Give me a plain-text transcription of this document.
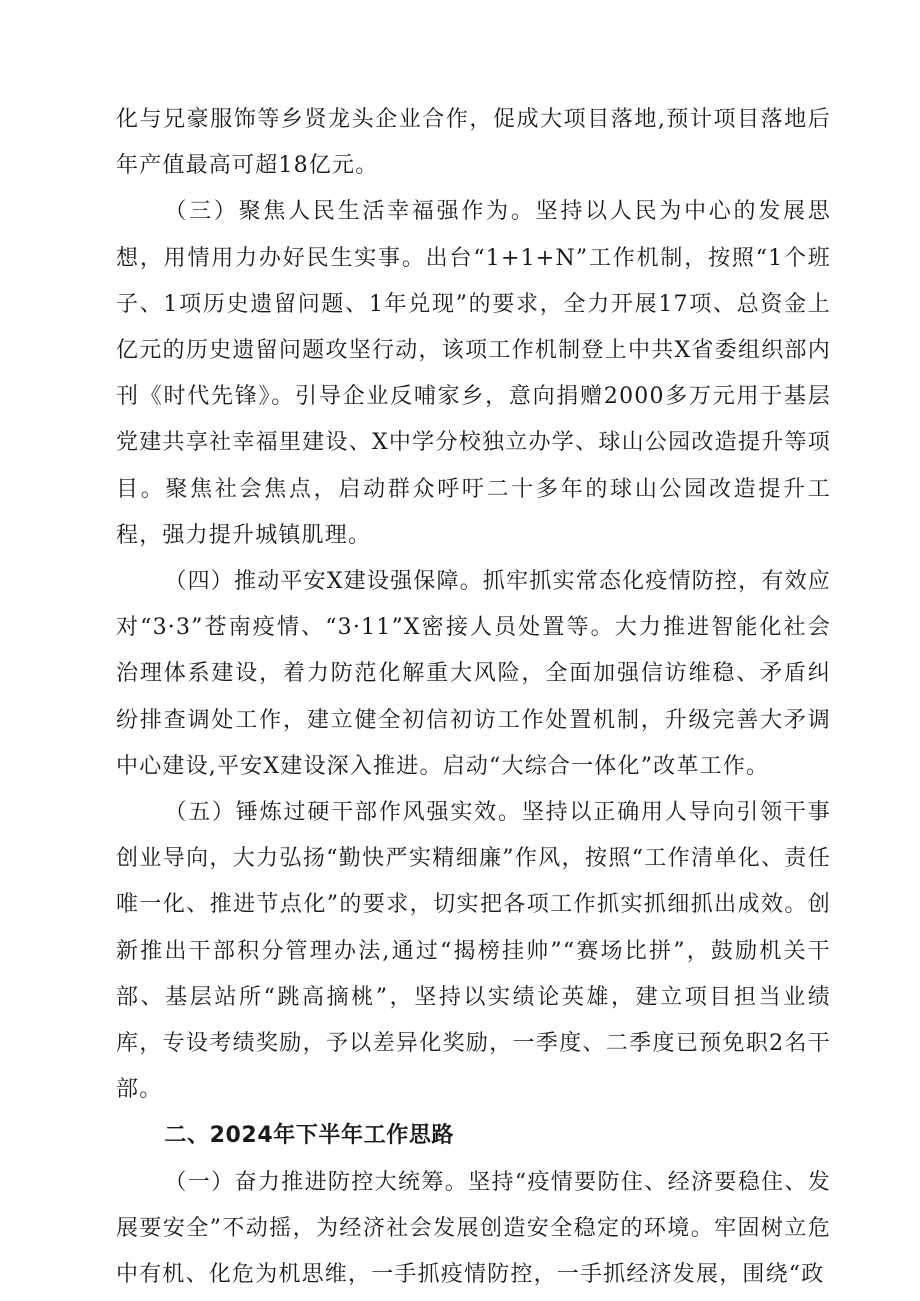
化与兄豪服饰等乡贤龙头企业合作，促成大项目落地,预计项目落地后年产值最高可超18亿元。

（三）聚焦人民生活幸福强作为。坚持以人民为中心的发展思想，用情用力办好民生实事。出台“1+1+N”工作机制，按照“1个班子、1项历史遗留问题、1年兑现”的要求，全力开展17项、总资金上亿元的历史遗留问题攻坚行动，该项工作机制登上中共X省委组织部内刊《时代先锋》。引导企业反哺家乡，意向捐赠2000多万元用于基层党建共享社幸福里建设、X中学分校独立办学、球山公园改造提升等项目。聚焦社会焦点，启动群众呼吁二十多年的球山公园改造提升工程，强力提升城镇肌理。

（四）推动平安X建设强保障。抓牢抓实常态化疫情防控，有效应对“3·3”苍南疫情、“3·11”X密接人员处置等。大力推进智能化社会治理体系建设，着力防范化解重大风险，全面加强信访维稳、矛盾纠纷排查调处工作，建立健全初信初访工作处置机制，升级完善大矛调中心建设,平安X建设深入推进。启动“大综合一体化”改革工作。

（五）锤炼过硬干部作风强实效。坚持以正确用人导向引领干事创业导向，大力弘扬“勤快严实精细廉”作风，按照“工作清单化、责任唯一化、推进节点化”的要求，切实把各项工作抓实抓细抓出成效。创新推出干部积分管理办法,通过“揭榜挂帅”“赛场比拼”，鼓励机关干部、基层站所“跳高摘桃”，坚持以实绩论英雄，建立项目担当业绩库，专设考绩奖励，予以差异化奖励，一季度、二季度已预免职2名干部。

二、2024年下半年工作思路

（一）奋力推进防控大统筹。坚持“疫情要防住、经济要稳住、发展要安全”不动摇，为经济社会发展创造安全稳定的环境。牢固树立危中有机、化危为机思维，一手抓疫情防控，一手抓经济发展，围绕“政
